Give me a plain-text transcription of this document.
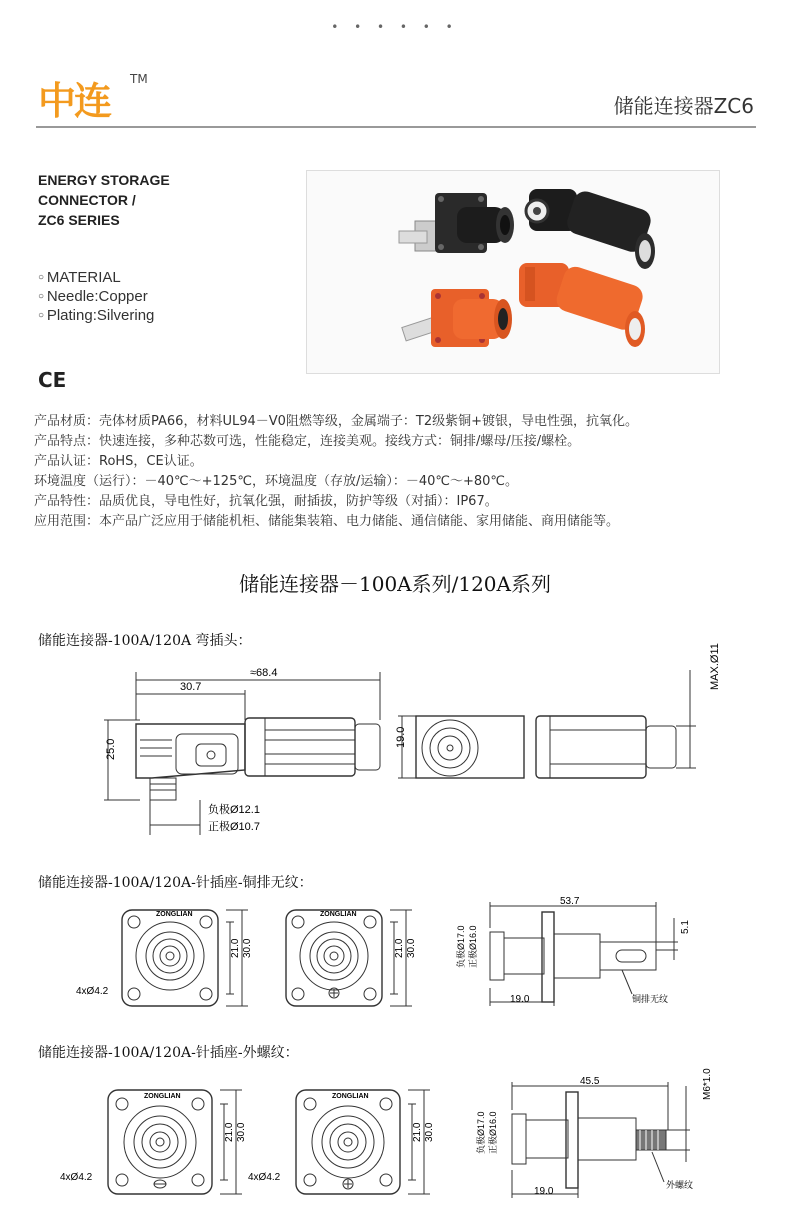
• • • • • •
中连 TM
储能连接器ZC6
ENERGY STORAGE
CONNECTOR /
ZC6 SERIES
○ MATERIAL
○ Needle:Copper
○ Plating:Silvering
CE
产品材质：壳体材质PA66，材料UL94－V0阻燃等级，金属端子：T2级紫铜+镀银，导电性强，抗氧化。
产品特点：快速连接，多种芯数可选，性能稳定，连接美观。接线方式：铜排/螺母/压接/螺栓。
产品认证：RoHS，CE认证。
环境温度（运行）：－40℃～+125℃，环境温度（存放/运输）：－40℃～+80℃。
产品特性：品质优良，导电性好，抗氧化强，耐插拔，防护等级（对插）：IP67。
应用范围：本产品广泛应用于储能机柜、储能集装箱、电力储能、通信储能、家用储能、商用储能等。
储能连接器－100A系列/120A系列
储能连接器-100A/120A 弯插头：
≈68.4
30.7
25.0
19.0
MAX.Ø11
负极Ø12.1
正极Ø10.7
储能连接器-100A/120A-针插座-铜排无纹：
4xØ4.2
ZONGLIAN	ZONGLIAN
21.0 30.0	21.0 30.0
53.7
5.1
19.0
负极Ø17.0 正极Ø16.0
铜排无纹
储能连接器-100A/120A-针插座-外螺纹：
4xØ4.2	4xØ4.2
ZONGLIAN	ZONGLIAN
21.0 30.0	21.0 30.0
45.5	M6*1.0
19.0
负极Ø17.0 正极Ø16.0
外螺纹
